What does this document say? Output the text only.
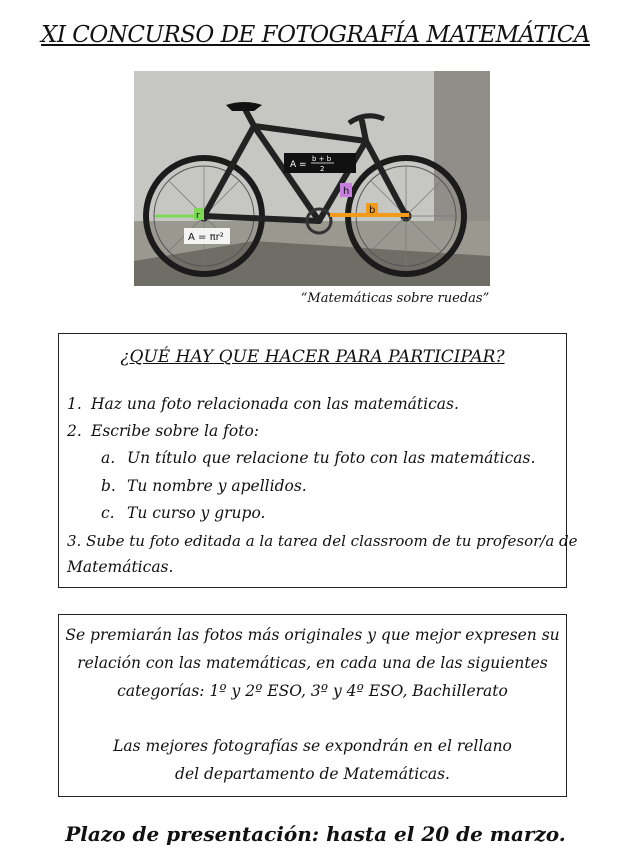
XI CONCURSO DE FOTOGRAFÍA MATEMÁTICA
A =
b + b
2
h
b
r
A = πr²
“Matemáticas sobre ruedas”
¿QUÉ HAY QUE HACER PARA PARTICIPAR?
1. Haz una foto relacionada con las matemáticas.
2. Escribe sobre la foto:
a. Un título que relacione tu foto con las matemáticas.
b. Tu nombre y apellidos.
c. Tu curso y grupo.
3. Sube tu foto editada a la tarea del classroom de tu profesor/a de
Matemáticas.
Se premiarán las fotos más originales y que mejor expresen su
relación con las matemáticas, en cada una de las siguientes
categorías: 1º y 2º ESO, 3º y 4º ESO, Bachillerato
Las mejores fotografías se expondrán en el rellano
del departamento de Matemáticas.
Plazo de presentación: hasta el 20 de marzo.
